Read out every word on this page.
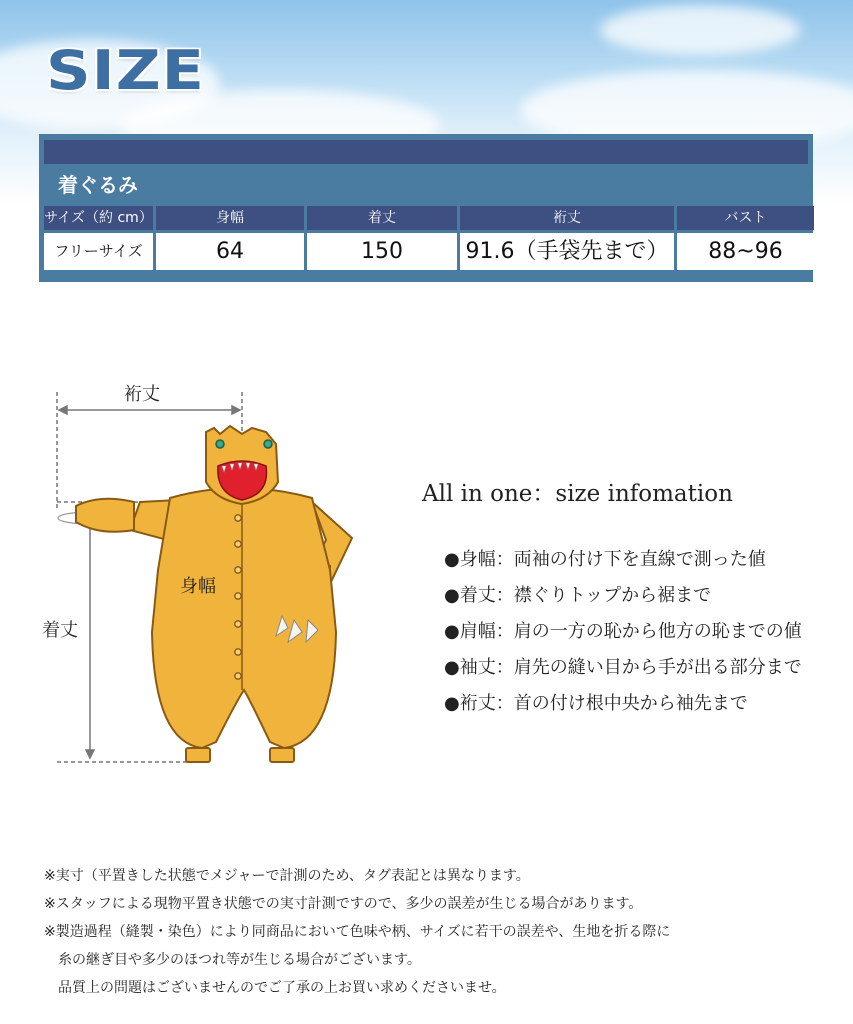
SIZE
着ぐるみ
サイズ（約 cm）	身幅	着丈	裄丈	バスト
フリーサイズ	64	150	91.6（手袋先まで）	88~96
裄丈
身幅
着丈
All in one：size infomation
●身幅：両袖の付け下を直線で測った値
●着丈：襟ぐりトップから裾まで
●肩幅：肩の一方の恥から他方の恥までの値
●袖丈：肩先の縫い目から手が出る部分まで
●裄丈：首の付け根中央から袖先まで
※実寸（平置きした状態でメジャーで計測のため、タグ表記とは異なります。
※スタッフによる現物平置き状態での実寸計測ですので、多少の誤差が生じる場合があります。
※製造過程（縫製・染色）により同商品において色味や柄、サイズに若干の誤差や、生地を折る際に
　糸の継ぎ目や多少のほつれ等が生じる場合がございます。
　品質上の問題はございませんのでご了承の上お買い求めくださいませ。
